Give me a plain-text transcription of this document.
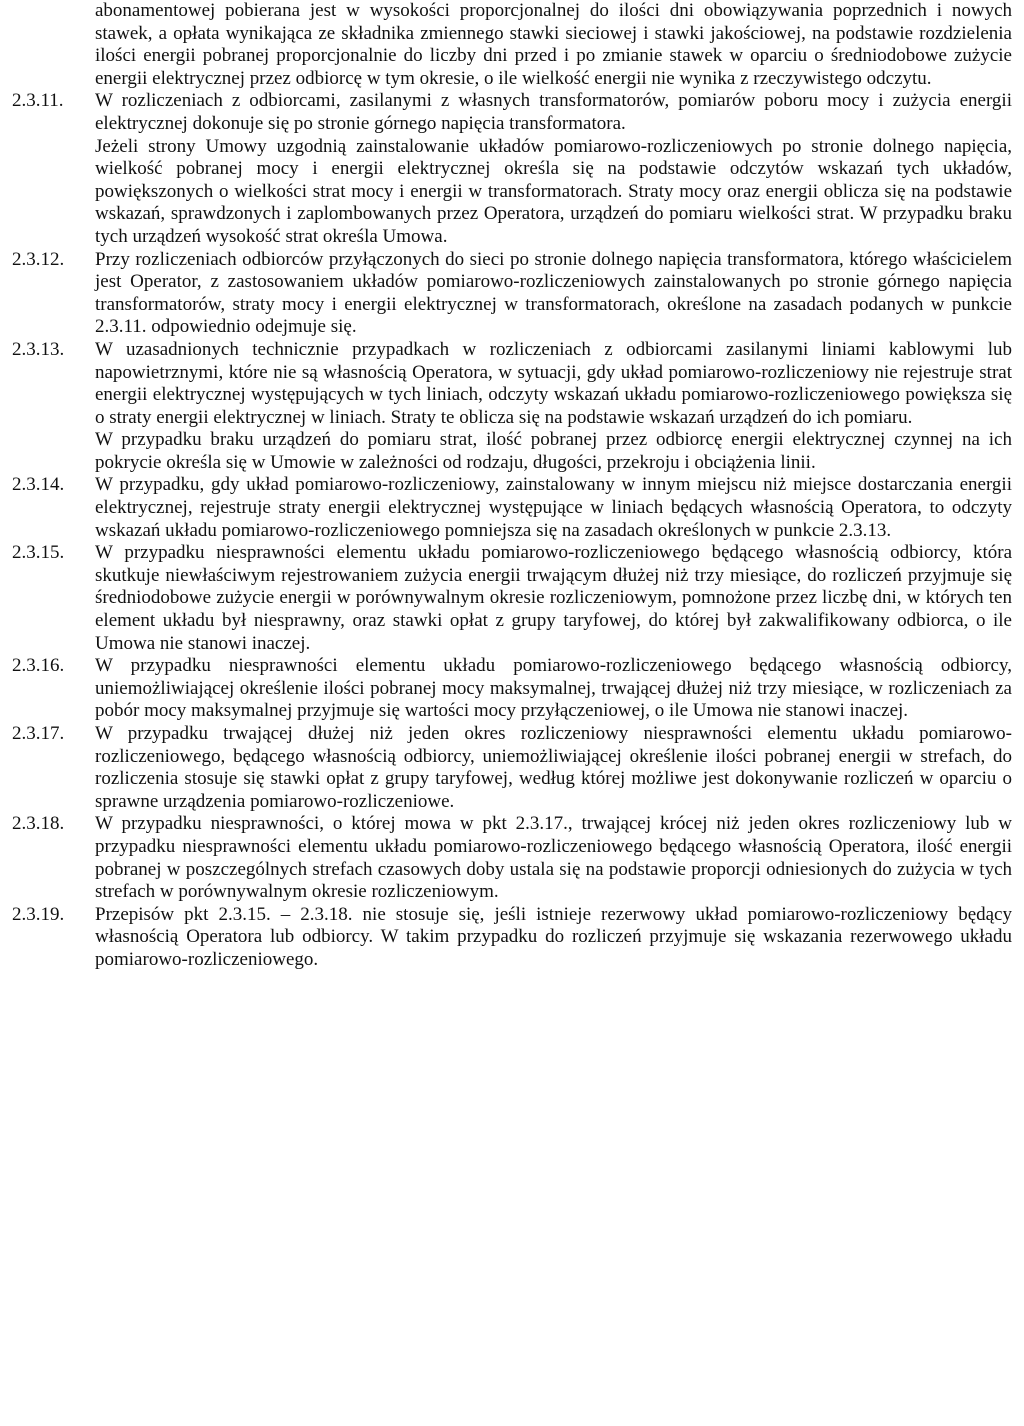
abonamentowej pobierana jest w wysokości proporcjonalnej do ilości dni obowiązywania poprzednich i nowych stawek, a opłata wynikająca ze składnika zmiennego stawki sieciowej i stawki jakościowej, na podstawie rozdzielenia ilości energii pobranej proporcjonalnie do liczby dni przed i po zmianie stawek w oparciu o średniodobowe zużycie energii elektrycznej przez odbiorcę w tym okresie, o ile wielkość energii nie wynika z rzeczywistego odczytu.

2.3.11.	W rozliczeniach z odbiorcami, zasilanymi z własnych transformatorów, pomiarów poboru mocy i zużycia energii elektrycznej dokonuje się po stronie górnego napięcia transformatora.

Jeżeli strony Umowy uzgodnią zainstalowanie układów pomiarowo-rozliczeniowych po stronie dolnego napięcia, wielkość pobranej mocy i energii elektrycznej określa się na podstawie odczytów wskazań tych układów, powiększonych o wielkości strat mocy i energii w transformatorach. Straty mocy oraz energii oblicza się na podstawie wskazań, sprawdzonych i zaplombowanych przez Operatora, urządzeń do pomiaru wielkości strat. W przypadku braku tych urządzeń wysokość strat określa Umowa.

2.3.12.	Przy rozliczeniach odbiorców przyłączonych do sieci po stronie dolnego napięcia transformatora, którego właścicielem jest Operator, z zastosowaniem układów pomiarowo-rozliczeniowych zainstalowanych po stronie górnego napięcia transformatorów, straty mocy i energii elektrycznej w transformatorach, określone na zasadach podanych w punkcie 2.3.11. odpowiednio odejmuje się.

2.3.13.	W uzasadnionych technicznie przypadkach w rozliczeniach z odbiorcami zasilanymi liniami kablowymi lub napowietrznymi, które nie są własnością Operatora, w sytuacji, gdy układ pomiarowo-rozliczeniowy nie rejestruje strat energii elektrycznej występujących w tych liniach, odczyty wskazań układu pomiarowo-rozliczeniowego powiększa się o straty energii elektrycznej w liniach. Straty te oblicza się na podstawie wskazań urządzeń do ich pomiaru.

W przypadku braku urządzeń do pomiaru strat, ilość pobranej przez odbiorcę energii elektrycznej czynnej na ich pokrycie określa się w Umowie w zależności od rodzaju, długości, przekroju i obciążenia linii.

2.3.14.	W przypadku, gdy układ pomiarowo-rozliczeniowy, zainstalowany w innym miejscu niż miejsce dostarczania energii elektrycznej, rejestruje straty energii elektrycznej występujące w liniach będących własnością Operatora, to odczyty wskazań układu pomiarowo-rozliczeniowego pomniejsza się na zasadach określonych w punkcie 2.3.13.

2.3.15.	W przypadku niesprawności elementu układu pomiarowo-rozliczeniowego będącego własnością odbiorcy, która skutkuje niewłaściwym rejestrowaniem zużycia energii trwającym dłużej niż trzy miesiące, do rozliczeń przyjmuje się średniodobowe zużycie energii w porównywalnym okresie rozliczeniowym, pomnożone przez liczbę dni, w których ten element układu był niesprawny, oraz stawki opłat z grupy taryfowej, do której był zakwalifikowany odbiorca, o ile Umowa nie stanowi inaczej.

2.3.16.	W przypadku niesprawności elementu układu pomiarowo-rozliczeniowego będącego własnością odbiorcy, uniemożliwiającej określenie ilości pobranej mocy maksymalnej, trwającej dłużej niż trzy miesiące, w rozliczeniach za pobór mocy maksymalnej przyjmuje się wartości mocy przyłączeniowej, o ile Umowa nie stanowi inaczej.

2.3.17.	W przypadku trwającej dłużej niż jeden okres rozliczeniowy niesprawności elementu układu pomiarowo-rozliczeniowego, będącego własnością odbiorcy, uniemożliwiającej określenie ilości pobranej energii w strefach, do rozliczenia stosuje się stawki opłat z grupy taryfowej, według której możliwe jest dokonywanie rozliczeń w oparciu o sprawne urządzenia pomiarowo-rozliczeniowe.

2.3.18.	W przypadku niesprawności, o której mowa w pkt 2.3.17., trwającej krócej niż jeden okres rozliczeniowy lub w przypadku niesprawności elementu układu pomiarowo-rozliczeniowego będącego własnością Operatora, ilość energii pobranej w poszczególnych strefach czasowych doby ustala się na podstawie proporcji odniesionych do zużycia w tych strefach w porównywalnym okresie rozliczeniowym.

2.3.19.	Przepisów pkt 2.3.15. – 2.3.18. nie stosuje się, jeśli istnieje rezerwowy układ pomiarowo-rozliczeniowy będący własnością Operatora lub odbiorcy. W takim przypadku do rozliczeń przyjmuje się wskazania rezerwowego układu pomiarowo-rozliczeniowego.
